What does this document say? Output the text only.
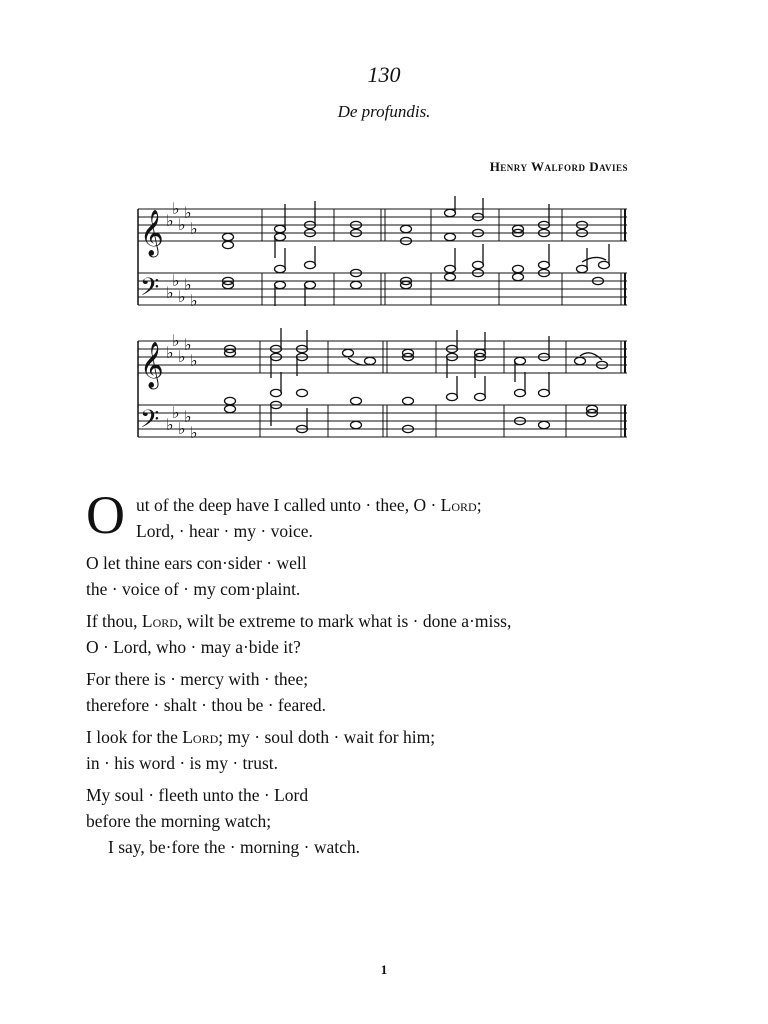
130
De profundis.
Henry Walford Davies
𝄞
𝄢
♭
♭
♭
♭
♭
♭
♭
♭
♭
♭
𝄞
𝄢
♭
♭
♭
♭
♭
♭
♭
♭
♭
♭
O ut of the deep have I called unto · thee, O · Lord;
Lord, · hear · my · voice.
O let thine ears con·sider · well
the · voice of · my com·plaint.
If thou, Lord, wilt be extreme to mark what is · done a·miss,
O · Lord, who · may a·bide it?
For there is · mercy with · thee;
therefore · shalt · thou be · feared.
I look for the Lord; my · soul doth · wait for him;
in · his word · is my · trust.
My soul · fleeth unto the · Lord
before the morning watch;
I say, be·fore the · morning · watch.
1
